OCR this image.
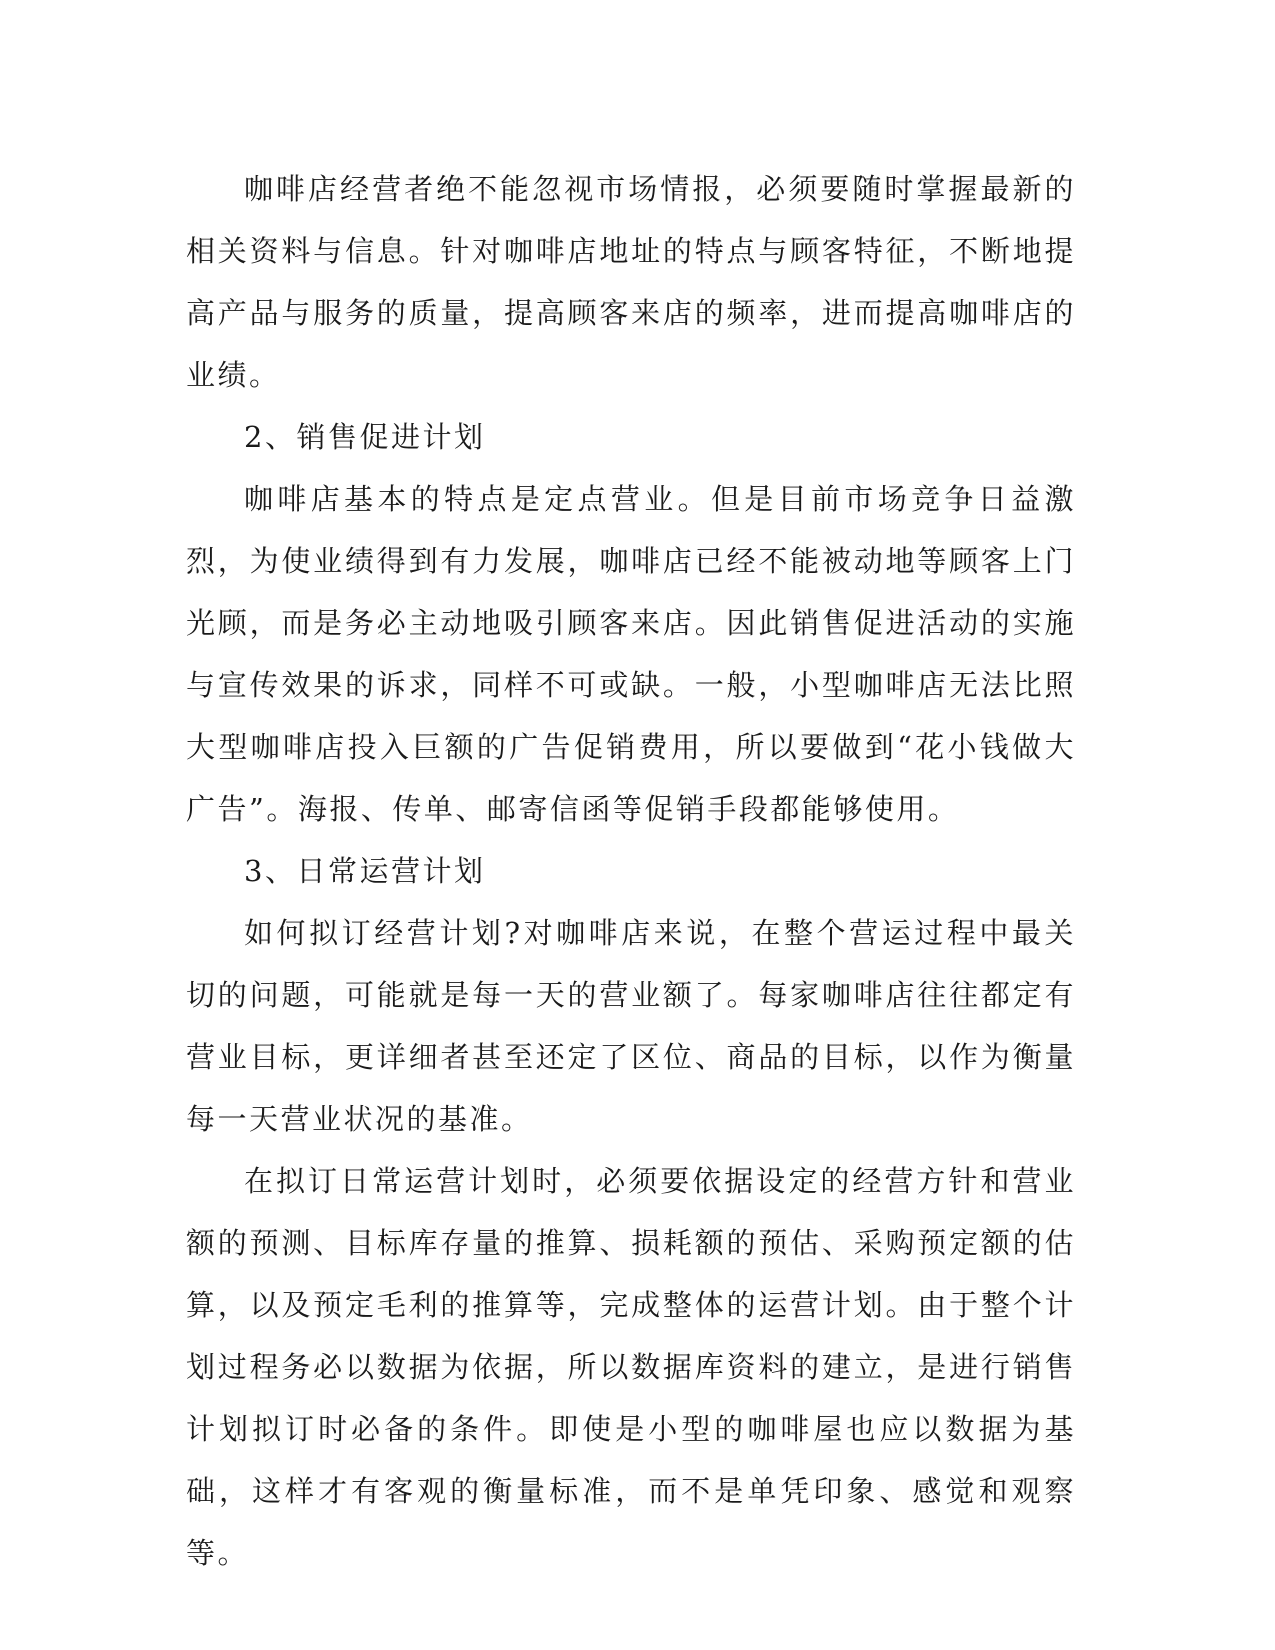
咖啡店经营者绝不能忽视市场情报，必须要随时掌握最新的相关资料与信息。针对咖啡店地址的特点与顾客特征，不断地提高产品与服务的质量，提高顾客来店的频率，进而提高咖啡店的业绩。

2、销售促进计划

咖啡店基本的特点是定点营业。但是目前市场竞争日益激烈，为使业绩得到有力发展，咖啡店已经不能被动地等顾客上门光顾，而是务必主动地吸引顾客来店。因此销售促进活动的实施与宣传效果的诉求，同样不可或缺。一般，小型咖啡店无法比照大型咖啡店投入巨额的广告促销费用，所以要做到“花小钱做大广告”。海报、传单、邮寄信函等促销手段都能够使用。

3、日常运营计划

如何拟订经营计划?对咖啡店来说，在整个营运过程中最关切的问题，可能就是每一天的营业额了。每家咖啡店往往都定有营业目标，更详细者甚至还定了区位、商品的目标，以作为衡量每一天营业状况的基准。

在拟订日常运营计划时，必须要依据设定的经营方针和营业额的预测、目标库存量的推算、损耗额的预估、采购预定额的估算，以及预定毛利的推算等，完成整体的运营计划。由于整个计划过程务必以数据为依据，所以数据库资料的建立，是进行销售计划拟订时必备的条件。即使是小型的咖啡屋也应以数据为基础，这样才有客观的衡量标准，而不是单凭印象、感觉和观察等。
